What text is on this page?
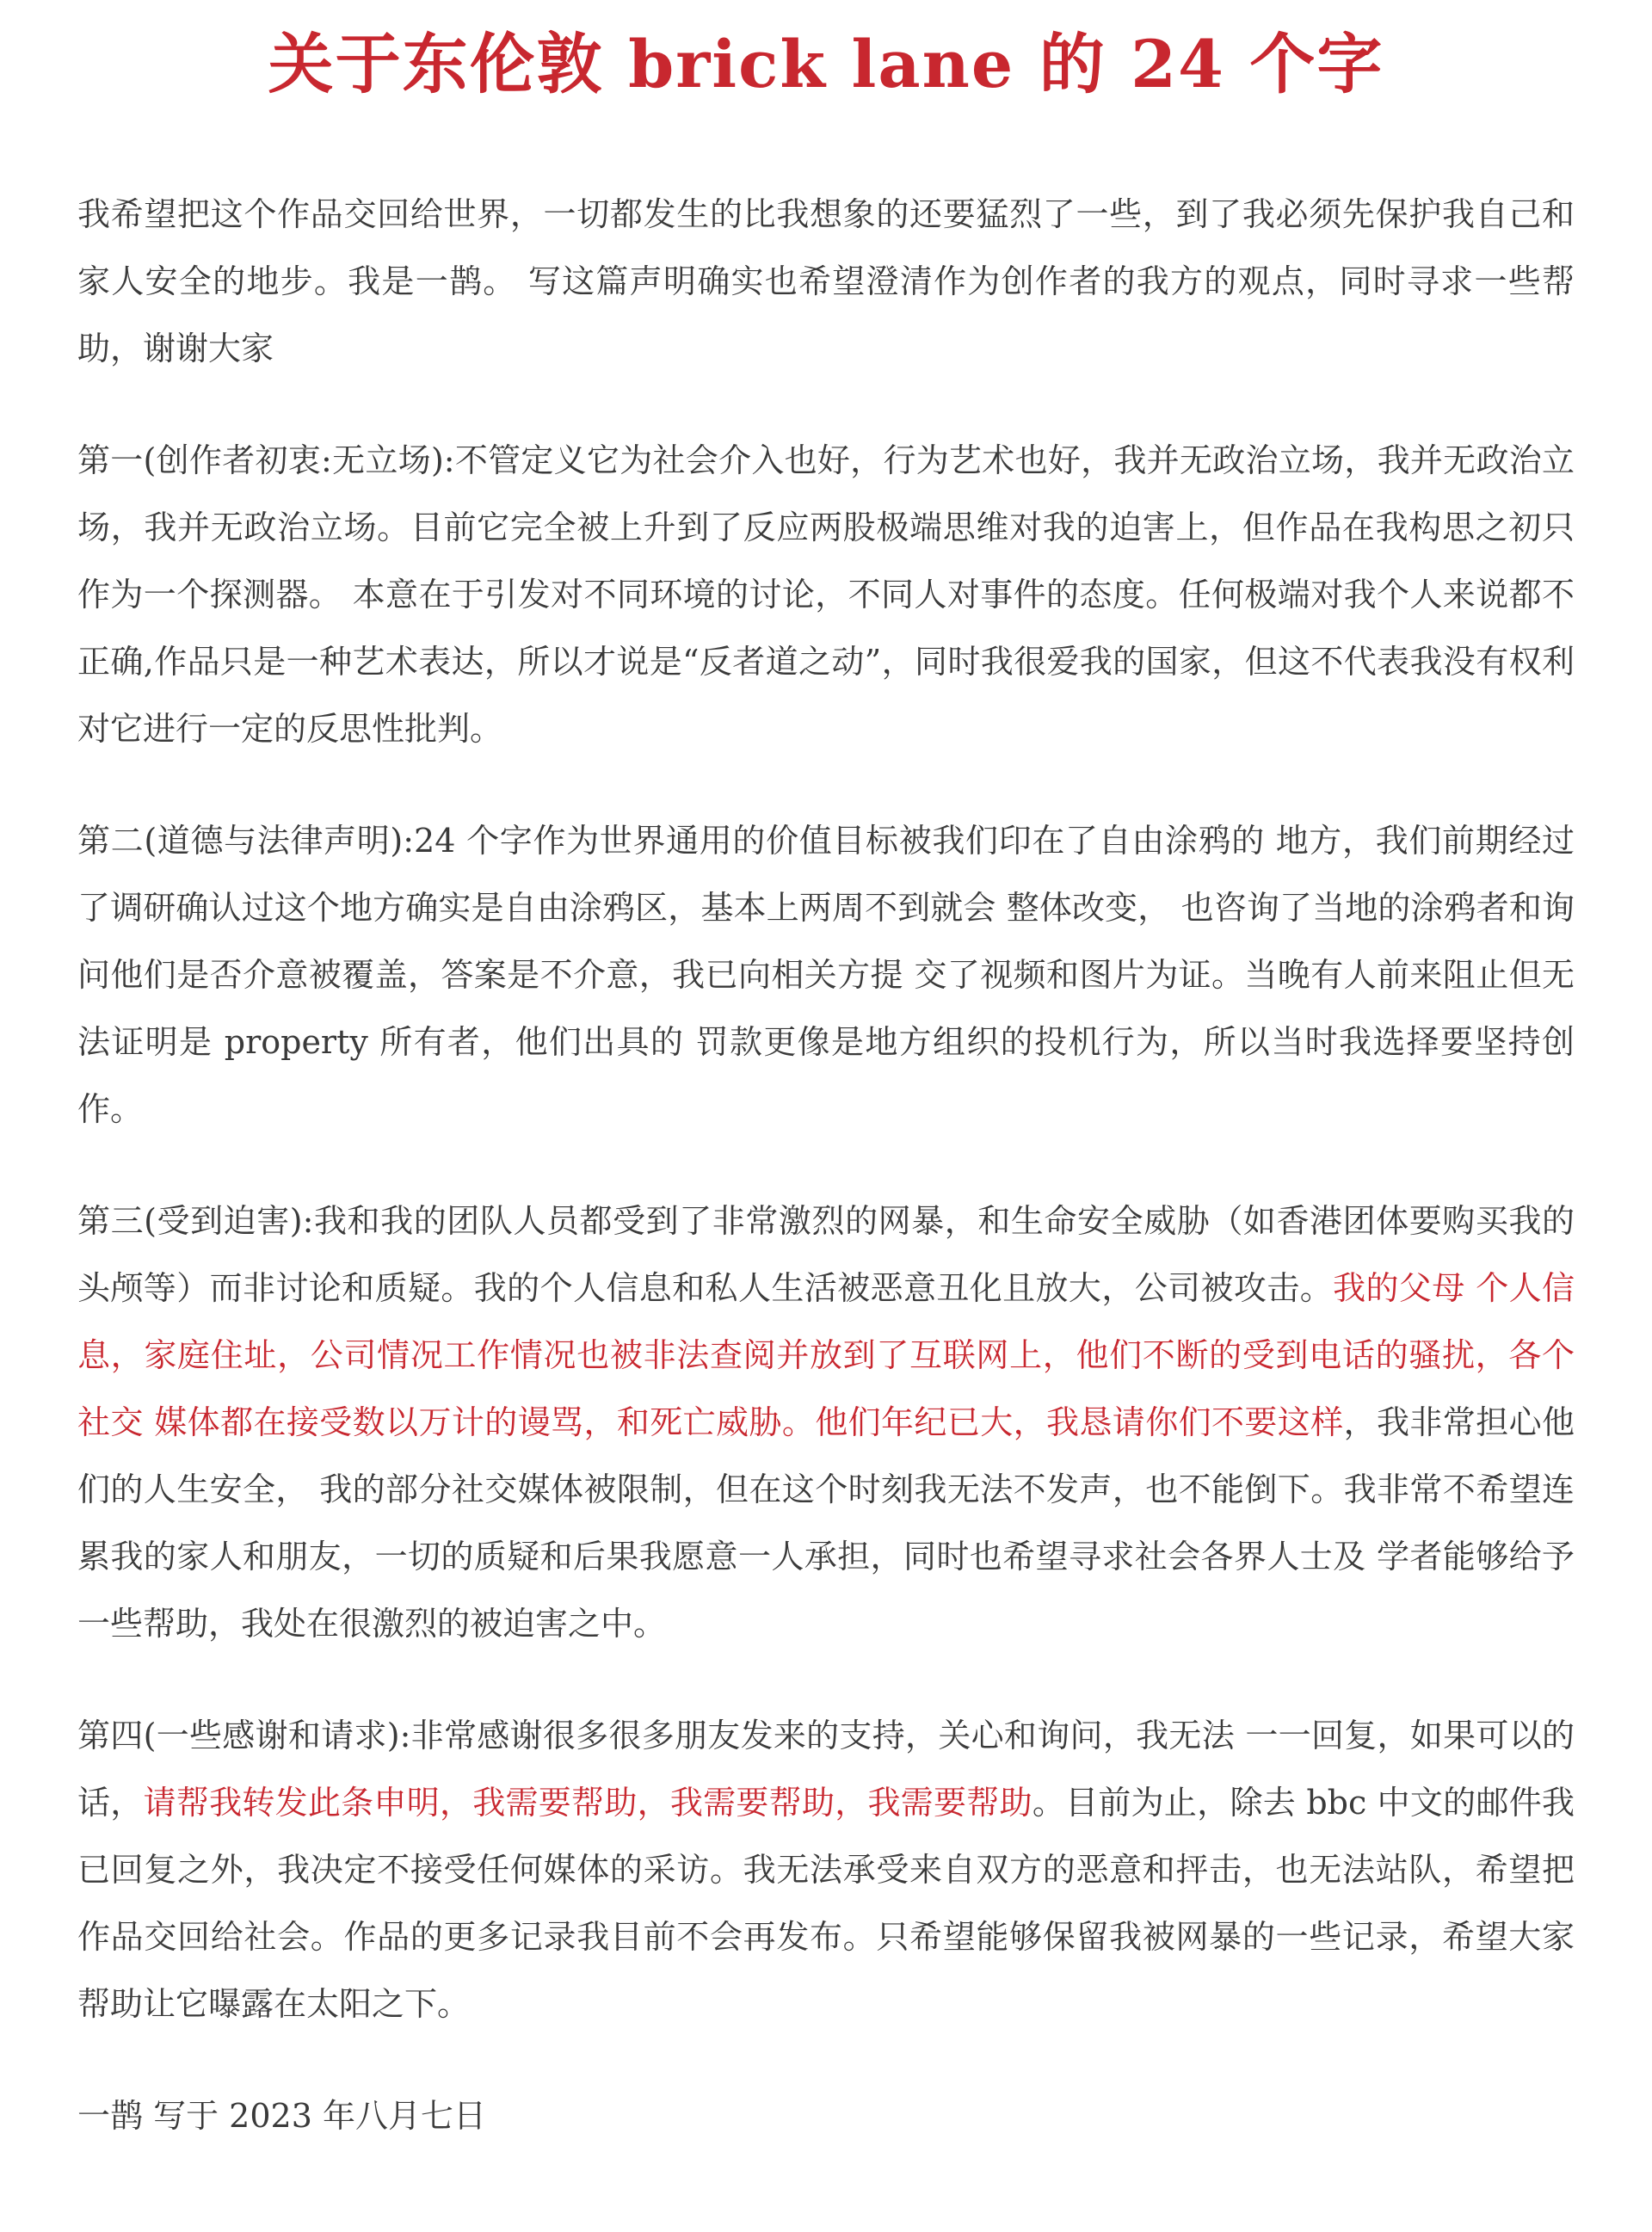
关于东伦敦 brick lane 的 24 个字

我希望把这个作品交回给世界，一切都发生的比我想象的还要猛烈了一些，到了我必须先保护我自己和家人安全的地步。我是一鹊。 写这篇声明确实也希望澄清作为创作者的我方的观点，同时寻求一些帮助，谢谢大家

第一(创作者初衷:无立场):不管定义它为社会介入也好，行为艺术也好，我并无政治立场，我并无政治立场，我并无政治立场。目前它完全被上升到了反应两股极端思维对我的迫害上，但作品在我构思之初只作为一个探测器。 本意在于引发对不同环境的讨论，不同人对事件的态度。任何极端对我个人来说都不正确,作品只是一种艺术表达，所以才说是“反者道之动”，同时我很爱我的国家，但这不代表我没有权利对它进行一定的反思性批判。

第二(道德与法律声明):24 个字作为世界通用的价值目标被我们印在了自由涂鸦的 地方，我们前期经过了调研确认过这个地方确实是自由涂鸦区，基本上两周不到就会 整体改变， 也咨询了当地的涂鸦者和询问他们是否介意被覆盖，答案是不介意，我已向相关方提 交了视频和图片为证。当晚有人前来阻止但无法证明是 property 所有者，他们出具的 罚款更像是地方组织的投机行为，所以当时我选择要坚持创作。

第三(受到迫害):我和我的团队人员都受到了非常激烈的网暴，和生命安全威胁（如香港团体要购买我的头颅等）而非讨论和质疑。我的个人信息和私人生活被恶意丑化且放大，公司被攻击。我的父母 个人信息，家庭住址，公司情况工作情况也被非法查阅并放到了互联网上，他们不断的受到电话的骚扰，各个社交 媒体都在接受数以万计的谩骂，和死亡威胁。他们年纪已大，我恳请你们不要这样，我非常担心他们的人生安全， 我的部分社交媒体被限制，但在这个时刻我无法不发声，也不能倒下。我非常不希望连累我的家人和朋友，一切的质疑和后果我愿意一人承担，同时也希望寻求社会各界人士及 学者能够给予一些帮助，我处在很激烈的被迫害之中。

第四(一些感谢和请求):非常感谢很多很多朋友发来的支持，关心和询问，我无法 一一回复，如果可以的话，请帮我转发此条申明，我需要帮助，我需要帮助，我需要帮助。目前为止，除去 bbc 中文的邮件我已回复之外，我决定不接受任何媒体的采访。我无法承受来自双方的恶意和抨击，也无法站队，希望把作品交回给社会。作品的更多记录我目前不会再发布。只希望能够保留我被网暴的一些记录，希望大家帮助让它曝露在太阳之下。

一鹊 写于 2023 年八月七日
